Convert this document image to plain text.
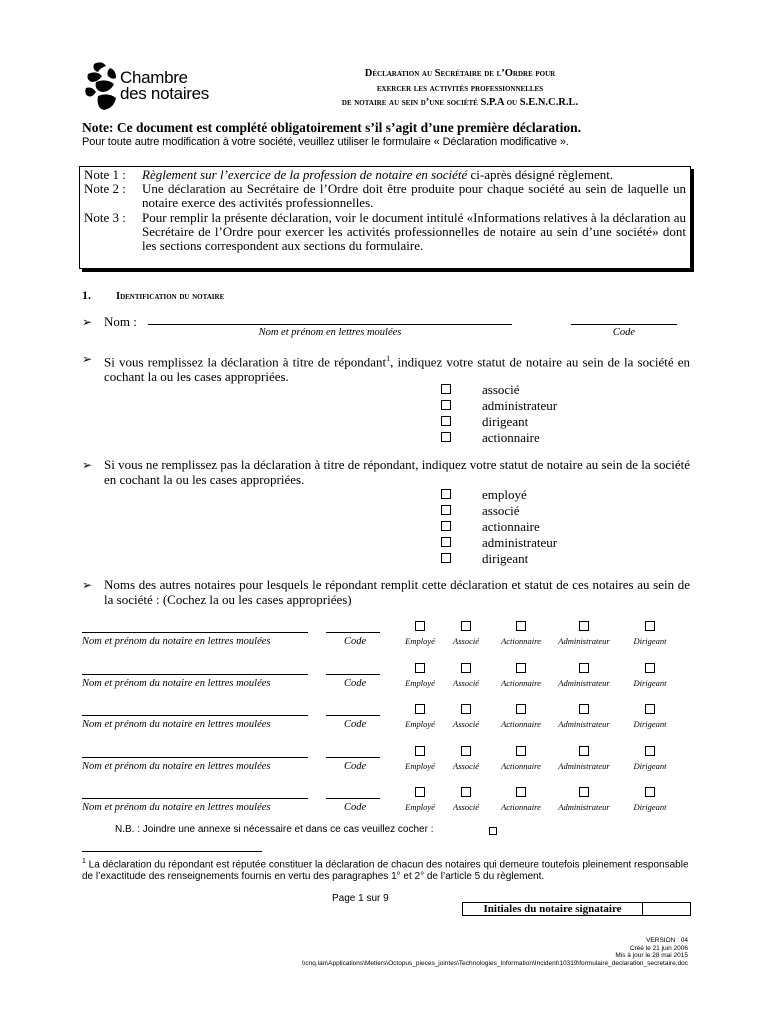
Chambre
des notaires
Déclaration au Secrétaire de l’Ordre pour
exercer les activités professionnelles
de notaire au sein d’une société S.P.A ou S.E.N.C.R.L.
Note: Ce document est complété obligatoirement s’il s’agit d’une première déclaration.
Pour toute autre modification à votre société, veuillez utiliser le formulaire « Déclaration modificative ».
Note 1 :	Règlement sur l’exercice de la profession de notaire en société ci-après désigné règlement.
Note 2 :	Une déclaration au Secrétaire de l’Ordre doit être produite pour chaque société au sein de laquelle un notaire exerce des activités professionnelles.
Note 3 :	Pour remplir la présente déclaration, voir le document intitulé «Informations relatives à la déclaration au Secrétaire de l’Ordre pour exercer les activités professionnelles de notaire au sein d’une société» dont les sections correspondent aux sections du formulaire.
1. Identification du notaire
➢ Nom :
Nom et prénom en lettres moulées	Code
➢ Si vous remplissez la déclaration à titre de répondant$^1$, indiquez votre statut de notaire au sein de la société en cochant la ou les cases appropriées.
associé
administrateur
dirigeant
actionnaire
➢ Si vous ne remplissez pas la déclaration à titre de répondant, indiquez votre statut de notaire au sein de la société en cochant la ou les cases appropriées.
employé
associé
actionnaire
administrateur
dirigeant
➢ Noms des autres notaires pour lesquels le répondant remplit cette déclaration et statut de ces notaires au sein de la société : (Cochez la ou les cases appropriées)
Employé	Associé	Actionnaire	Administrateur	Dirigeant
Nom et prénom du notaire en lettres moulées	Code
Employé	Associé	Actionnaire	Administrateur	Dirigeant
Nom et prénom du notaire en lettres moulées	Code
Employé	Associé	Actionnaire	Administrateur	Dirigeant
Nom et prénom du notaire en lettres moulées	Code
Employé	Associé	Actionnaire	Administrateur	Dirigeant
Nom et prénom du notaire en lettres moulées	Code
Employé	Associé	Actionnaire	Administrateur	Dirigeant
Nom et prénom du notaire en lettres moulées	Code
N.B. : Joindre une annexe si nécessaire et dans ce cas veuillez cocher :
$^1$ La déclaration du répondant est réputée constituer la déclaration de chacun des notaires qui demeure toutefois pleinement responsable de l’exactitude des renseignements fournis en vertu des paragraphes 1° et 2° de l’article 5 du règlement.
Page 1 sur 9
Initiales du notaire signataire
VERSION : 04
Créé le 21 juin 2006
Mis à jour le 28 mai 2015
\\cnq.lan\Applications\Metiers\Octopus_pieces_jointes\Technologies_Information\Incident\10319\formulaire_declaration_secretaire.doc
